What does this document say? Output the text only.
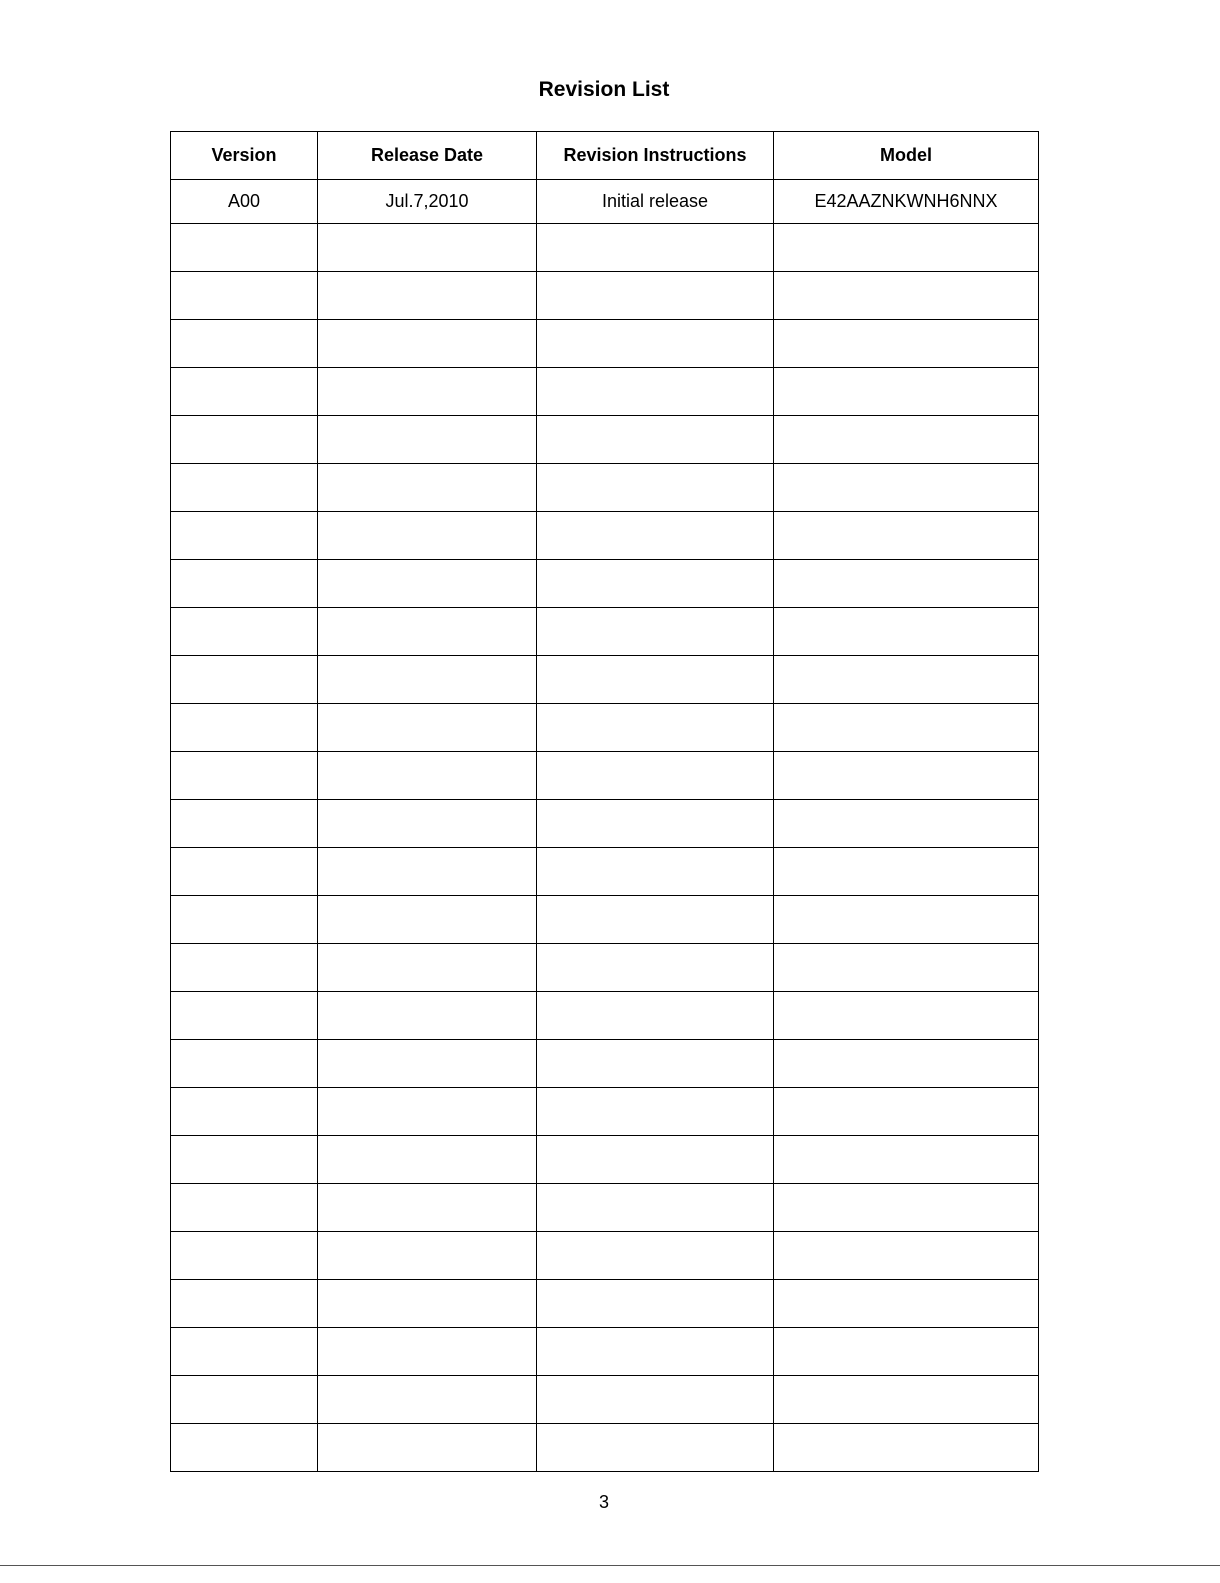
Revision List
Version	Release Date	Revision Instructions	Model
A00	Jul.7,2010	Initial release	E42AAZNKWNH6NNX

3
